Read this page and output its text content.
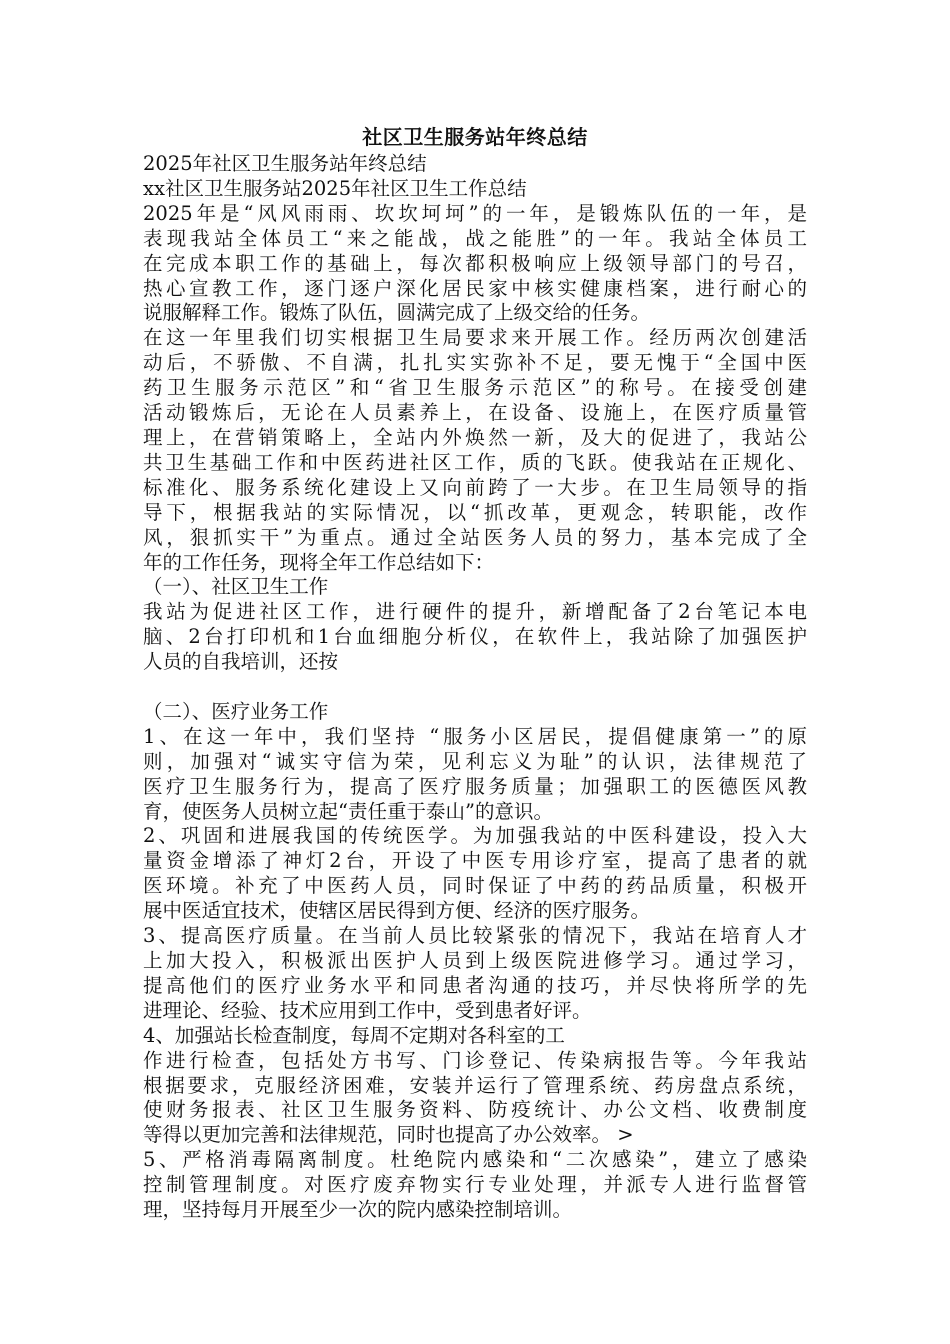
社区卫生服务站年终总结
2025年社区卫生服务站年终总结
xx社区卫生服务站2025年社区卫生工作总结
2025年是“风风雨雨、坎坎坷坷”的一年，是锻炼队伍的一年，是
表现我站全体员工“来之能战，战之能胜”的一年。我站全体员工
在完成本职工作的基础上，每次都积极响应上级领导部门的号召，
热心宣教工作，逐门逐户深化居民家中核实健康档案，进行耐心的
说服解释工作。锻炼了队伍，圆满完成了上级交给的任务。
在这一年里我们切实根据卫生局要求来开展工作。经历两次创建活
动后，不骄傲、不自满，扎扎实实弥补不足，要无愧于“全国中医
药卫生服务示范区”和“省卫生服务示范区”的称号。在接受创建
活动锻炼后，无论在人员素养上，在设备、设施上，在医疗质量管
理上，在营销策略上，全站内外焕然一新，及大的促进了，我站公
共卫生基础工作和中医药进社区工作，质的飞跃。使我站在正规化、
标准化、服务系统化建设上又向前跨了一大步。在卫生局领导的指
导下，根据我站的实际情况，以“抓改革，更观念，转职能，改作
风，狠抓实干”为重点。通过全站医务人员的努力，基本完成了全
年的工作任务，现将全年工作总结如下：
（一）、社区卫生工作
我站为促进社区工作，进行硬件的提升，新增配备了2台笔记本电
脑、2台打印机和1台血细胞分析仪，在软件上，我站除了加强医护
人员的自我培训，还按
（二）、医疗业务工作
1、在这一年中，我们坚持 “服务小区居民，提倡健康第一”的原
则，加强对“诚实守信为荣，见利忘义为耻”的认识，法律规范了
医疗卫生服务行为，提高了医疗服务质量；加强职工的医德医风教
育，使医务人员树立起“责任重于泰山”的意识。
2、巩固和进展我国的传统医学。为加强我站的中医科建设，投入大
量资金增添了神灯2台，开设了中医专用诊疗室，提高了患者的就
医环境。补充了中医药人员，同时保证了中药的药品质量，积极开
展中医适宜技术，使辖区居民得到方便、经济的医疗服务。
3、提高医疗质量。在当前人员比较紧张的情况下，我站在培育人才
上加大投入，积极派出医护人员到上级医院进修学习。通过学习，
提高他们的医疗业务水平和同患者沟通的技巧，并尽快将所学的先
进理论、经验、技术应用到工作中，受到患者好评。
4、加强站长检查制度，每周不定期对各科室的工
作进行检查，包括处方书写、门诊登记、传染病报告等。今年我站
根据要求，克服经济困难，安装并运行了管理系统、药房盘点系统，
使财务报表、社区卫生服务资料、防疫统计、办公文档、收费制度
等得以更加完善和法律规范，同时也提高了办公效率。 >
5、严格消毒隔离制度。杜绝院内感染和“二次感染”，建立了感染
控制管理制度。对医疗废弃物实行专业处理，并派专人进行监督管
理，坚持每月开展至少一次的院内感染控制培训。
